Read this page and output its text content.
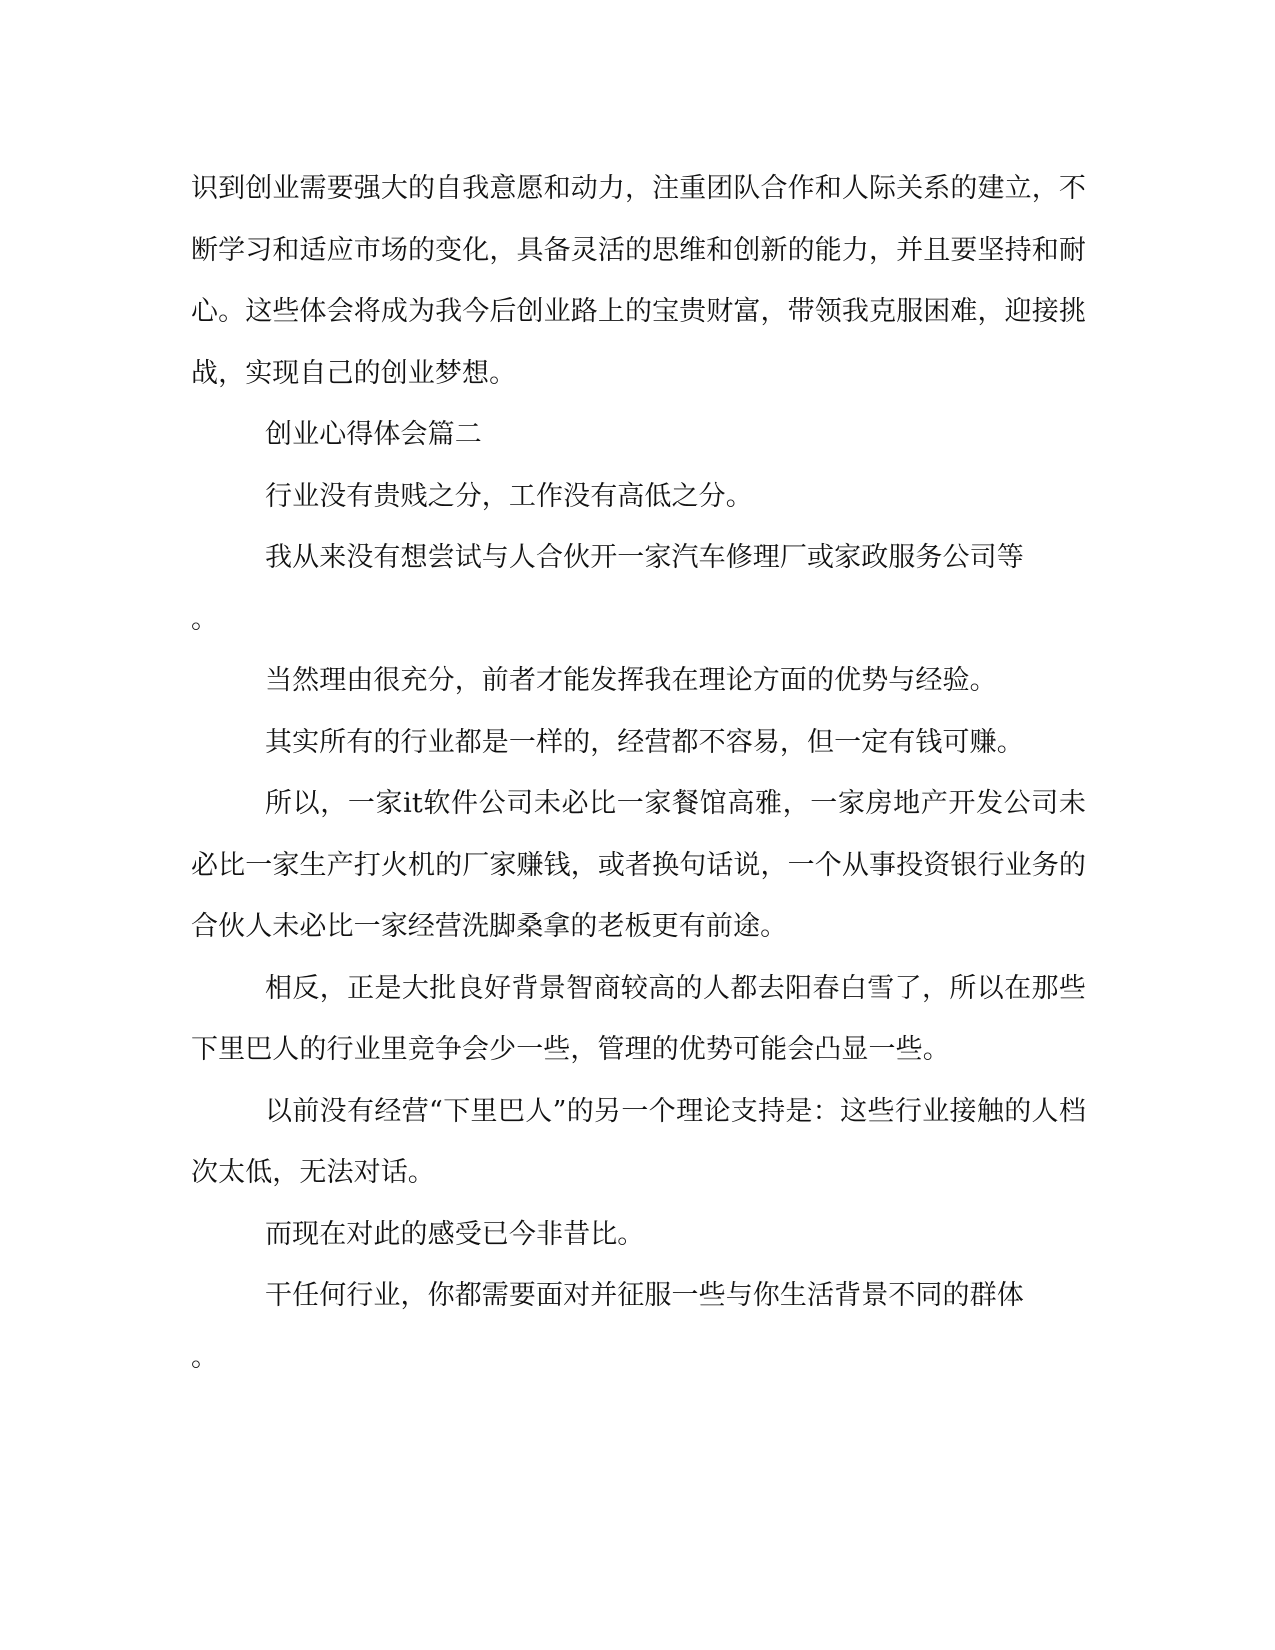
识到创业需要强大的自我意愿和动力，注重团队合作和人际关系的建立，不断学习和适应市场的变化，具备灵活的思维和创新的能力，并且要坚持和耐心。这些体会将成为我今后创业路上的宝贵财富，带领我克服困难，迎接挑战，实现自己的创业梦想。

创业心得体会篇二

行业没有贵贱之分，工作没有高低之分。

我从来没有想尝试与人合伙开一家汽车修理厂或家政服务公司等

。

当然理由很充分，前者才能发挥我在理论方面的优势与经验。

其实所有的行业都是一样的，经营都不容易，但一定有钱可赚。

所以，一家it软件公司未必比一家餐馆高雅，一家房地产开发公司未必比一家生产打火机的厂家赚钱，或者换句话说，一个从事投资银行业务的合伙人未必比一家经营洗脚桑拿的老板更有前途。

相反，正是大批良好背景智商较高的人都去阳春白雪了，所以在那些下里巴人的行业里竞争会少一些，管理的优势可能会凸显一些。

以前没有经营“下里巴人”的另一个理论支持是：这些行业接触的人档次太低，无法对话。

而现在对此的感受已今非昔比。

干任何行业，你都需要面对并征服一些与你生活背景不同的群体

。
